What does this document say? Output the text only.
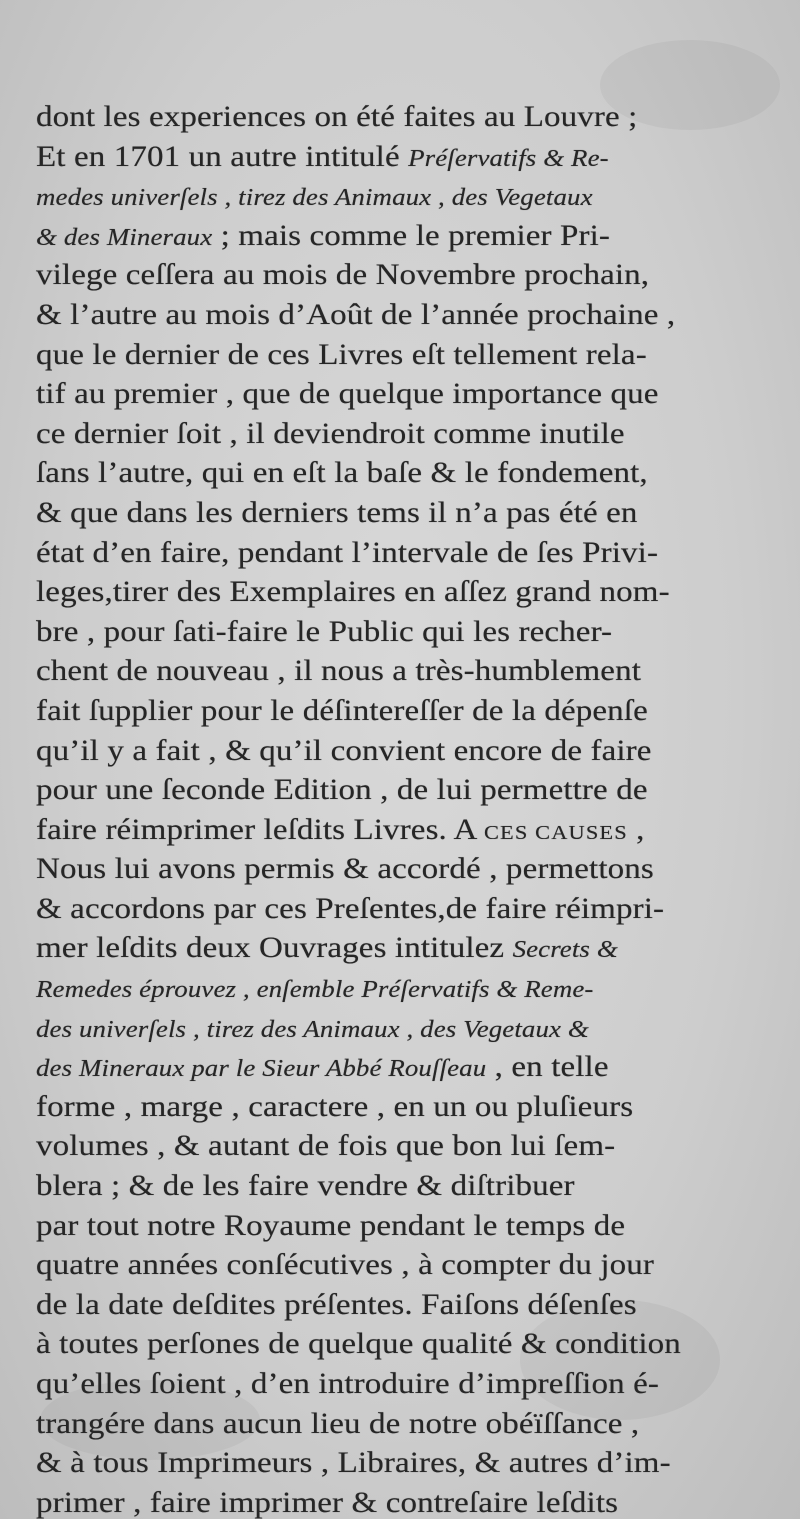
dont les experiences on été faites au Louvre ;
Et en 1701 un autre intitulé Préſervatifs & Re-
medes univerſels , tirez des Animaux , des Vegetaux
& des Mineraux ; mais comme le premier Pri-
vilege ceſſera au mois de Novembre prochain,
& l’autre au mois d’Août de l’année prochaine ,
que le dernier de ces Livres eſt tellement rela-
tif au premier , que de quelque importance que
ce dernier ſoit , il deviendroit comme inutile
ſans l’autre, qui en eſt la baſe & le fondement,
& que dans les derniers tems il n’a pas été en
état d’en faire, pendant l’intervale de ſes Privi-
leges,tirer des Exemplaires en aſſez grand nom-
bre , pour ſati-faire le Public qui les recher-
chent de nouveau , il nous a très-humblement
fait ſupplier pour le déſintereſſer de la dépenſe
qu’il y a fait , & qu’il convient encore de faire
pour une ſeconde Edition , de lui permettre de
faire réimprimer leſdits Livres. A CES CAUSES ,
Nous lui avons permis & accordé , permettons
& accordons par ces Preſentes,de faire réimpri-
mer leſdits deux Ouvrages intitulez Secrets &
Remedes éprouvez , enſemble Préſervatifs & Reme-
des univerſels , tirez des Animaux , des Vegetaux &
des Mineraux par le Sieur Abbé Rouſſeau , en telle
forme , marge , caractere , en un ou pluſieurs
volumes , & autant de fois que bon lui ſem-
blera ; & de les faire vendre & diſtribuer
par tout notre Royaume pendant le temps de
quatre années conſécutives , à compter du jour
de la date deſdites préſentes. Faiſons déſenſes
à toutes perſones de quelque qualité & condition
qu’elles ſoient , d’en introduire d’impreſſion é-
trangére dans aucun lieu de notre obéïſſance ,
& à tous Imprimeurs , Libraires, & autres d’im-
primer , faire imprimer & contreſaire leſdits
